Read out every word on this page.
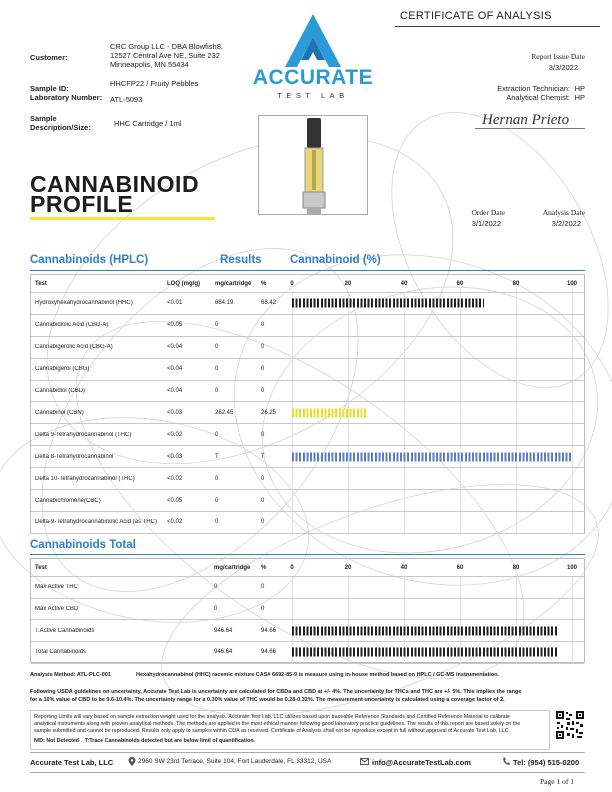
CERTIFICATE OF ANALYSIS
Customer:
CRC Group LLC - DBA Blowfish8.
12527 Central Ave NE, Suite 232
Minneapolis, MN 55434
Sample ID:
Laboratory Number:
HHCFP22 / Fruity Pebbles
ATL-5093
Sample
Description/Size:	HHC Cartridge / 1ml
ACCURATE
TEST LAB
Report Issue Date
3/3/2022
Extraction Technician: HP
Analytical Chemist: HP
Hernan Prieto
CANNABINOID
PROFILE	Order Date
3/1/2022
Analysis Date
3/2/2022
Cannabinoids (HPLC)	Results Cannabinoid (%)
Test	LOQ (mg/g)	mg/cartridge %	0	20	40	60	80	100
Hydroxyhexahydrocannabinol (HHC)	<0.01	684.19	68.42
Cannabidiolic Acid (CBD-A)	<0.05	0	0
Cannabigerolic Acid (CBG-A)	<0.04	0	0
Cannabigerol (CBG)	<0.04	0	0
Cannabidiol (CBD)	<0.04	0	0
Cannabinol (CBN)	<0.03	262.45	26.25
Delta 9-Tetrahydrocannabinol (THC)	<0.02	0	0
Delta 8-Tetrahydrocannabinol	<0.03	T	T
Delta 10-Tetrahydrocannabinol (THC)	<0.02	0	0
Cannabichromene(CBC)	<0.05	0	0
Delta-9-Tetrahydrocannabinolic Acid (as THC) <0.02	0	0
Cannabinoids Total
Test	mg/cartridge %	0	20	40	60	80	100
Max Active THC	0	0
Max Active CBD	0	0
T.Active Cannabinoids	946.64	94.66
Total Cannabinoids	946.64	94.66
Analysis Method: ATL-PLC-001	Hexahydrocannabinol (HHC) racemic mixture CAS# 6692-85-9 is measure using in-house method based on HPLC / GC-MS instrumentation.
Following USDA guidelines on uncertainty, Accurate Test Lab is uncertainty are calculated for CBDa and CBD at +/- 4%. The uncertainty for THCs and THC are +/- 5%. This implies the range
for a 10% value of CBD to be 9.6-10.4%. The uncertainty range for a 0.30% value of THC would be 0.28-0.32%. The measurement uncertainty is calculated using a coverage factor of 2.

Reporting Limits will vary based on sample extraction weight used for the analysis. Accurate Test Lab, LLC utilizes based upon traceable Reference Standards and Certified Reference Material to calibrate

analytical instruments along with proven analytical methods. The methods are applied in the most ethical manner following good laboratory practice guidelines. The results of this report are based solely on the

sample submitted and cannot be reproduced. Results only apply to samples within COA as received. Certificate of Analysis shall not be reproduce except in full without approval of Accurate Test Lab, LLC.

N/D: Not Detected T:Trace Cannabinoids detected but are below limit of quantification.

Accurate Test Lab, LLC	2960 SW 23rd Terrace, Suite 104, Fort Lauderdale, FL 33312, USA	info@AccurateTestLab.com	Tel: (954) 515-0200
Page 1 of 1
